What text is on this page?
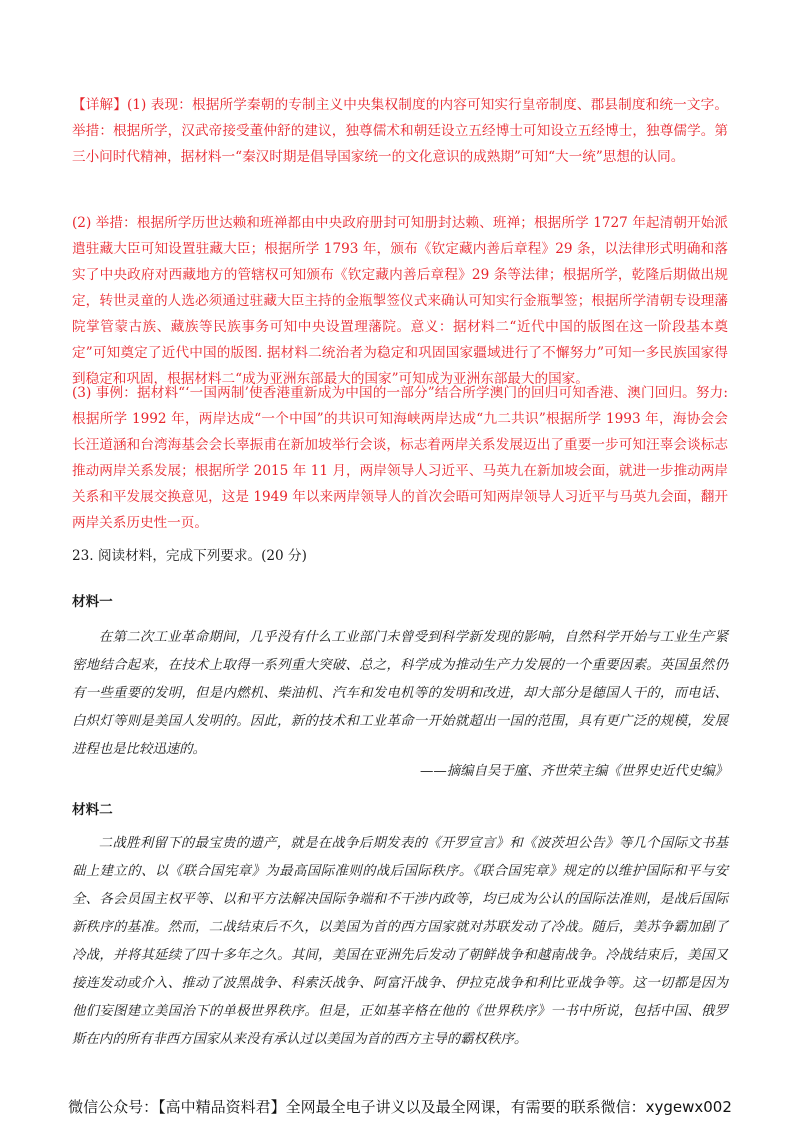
【详解】(1) 表现：根据所学秦朝的专制主义中央集权制度的内容可知实行皇帝制度、郡县制度和统一文字。举措：根据所学，汉武帝接受董仲舒的建议，独尊儒术和朝廷设立五经博士可知设立五经博士，独尊儒学。第三小问时代精神，据材料一“秦汉时期是倡导国家统一的文化意识的成熟期”可知“大一统”思想的认同。

(2) 举措：根据所学历世达赖和班禅都由中央政府册封可知册封达赖、班禅；根据所学 1727 年起清朝开始派遣驻藏大臣可知设置驻藏大臣；根据所学 1793 年，颁布《钦定藏内善后章程》29 条，以法律形式明确和落实了中央政府对西藏地方的管辖权可知颁布《钦定藏内善后章程》29 条等法律；根据所学，乾隆后期做出规定，转世灵童的人选必须通过驻藏大臣主持的金瓶掣签仪式来确认可知实行金瓶掣签；根据所学清朝专设理藩院掌管蒙古族、藏族等民族事务可知中央设置理藩院。意义：据材料二“近代中国的版图在这一阶段基本奠定”可知奠定了近代中国的版图. 据材料二统治者为稳定和巩固国家疆域进行了不懈努力”可知一多民族国家得到稳定和巩固，根据材料二“成为亚洲东部最大的国家”可知成为亚洲东部最大的国家。

(3) 事例：据材料“‘一国两制’使香港重新成为中国的一部分”结合所学澳门的回归可知香港、澳门回归。努力: 根据所学 1992 年，两岸达成“一个中国”的共识可知海峡两岸达成“九二共识”根据所学 1993 年，海协会会长汪道涵和台湾海基会会长辜振甫在新加坡举行会谈，标志着两岸关系发展迈出了重要一步可知汪辜会谈标志推动两岸关系发展；根据所学 2015 年 11 月，两岸领导人习近平、马英九在新加坡会面，就进一步推动两岸关系和平发展交换意见，这是 1949 年以来两岸领导人的首次会晤可知两岸领导人习近平与马英九会面，翻开两岸关系历史性一页。

23. 阅读材料，完成下列要求。(20 分)

材料一

在第二次工业革命期间，几乎没有什么工业部门未曾受到科学新发现的影响，自然科学开始与工业生产紧密地结合起来，在技术上取得一系列重大突破、总之，科学成为推动生产力发展的一个重要因素。英国虽然仍有一些重要的发明，但是内燃机、柴油机、汽车和发电机等的发明和改进，却大部分是德国人干的，而电话、白炽灯等则是美国人发明的。因此，新的技术和工业革命一开始就超出一国的范围，具有更广泛的规模，发展进程也是比较迅速的。

——摘编自吴于廑、齐世荣主编《世界史近代史编》

材料二

二战胜利留下的最宝贵的遗产，就是在战争后期发表的《开罗宣言》和《波茨坦公告》等几个国际文书基础上建立的、以《联合国宪章》为最高国际准则的战后国际秩序。《联合国宪章》规定的以维护国际和平与安全、各会员国主权平等、以和平方法解决国际争端和不干涉内政等，均已成为公认的国际法准则，是战后国际新秩序的基准。然而，二战结束后不久，以美国为首的西方国家就对苏联发动了冷战。随后，美苏争霸加剧了冷战，并将其延续了四十多年之久。其间，美国在亚洲先后发动了朝鲜战争和越南战争。冷战结束后，美国又接连发动或介入、推动了波黑战争、科索沃战争、阿富汗战争、伊拉克战争和利比亚战争等。这一切都是因为他们妄图建立美国治下的单极世界秩序。但是，正如基辛格在他的《世界秩序》一书中所说，包括中国、俄罗斯在内的所有非西方国家从来没有承认过以美国为首的西方主导的霸权秩序。

微信公众号：【高中精品资料君】全网最全电子讲义以及最全网课，有需要的联系微信：xygewx002
